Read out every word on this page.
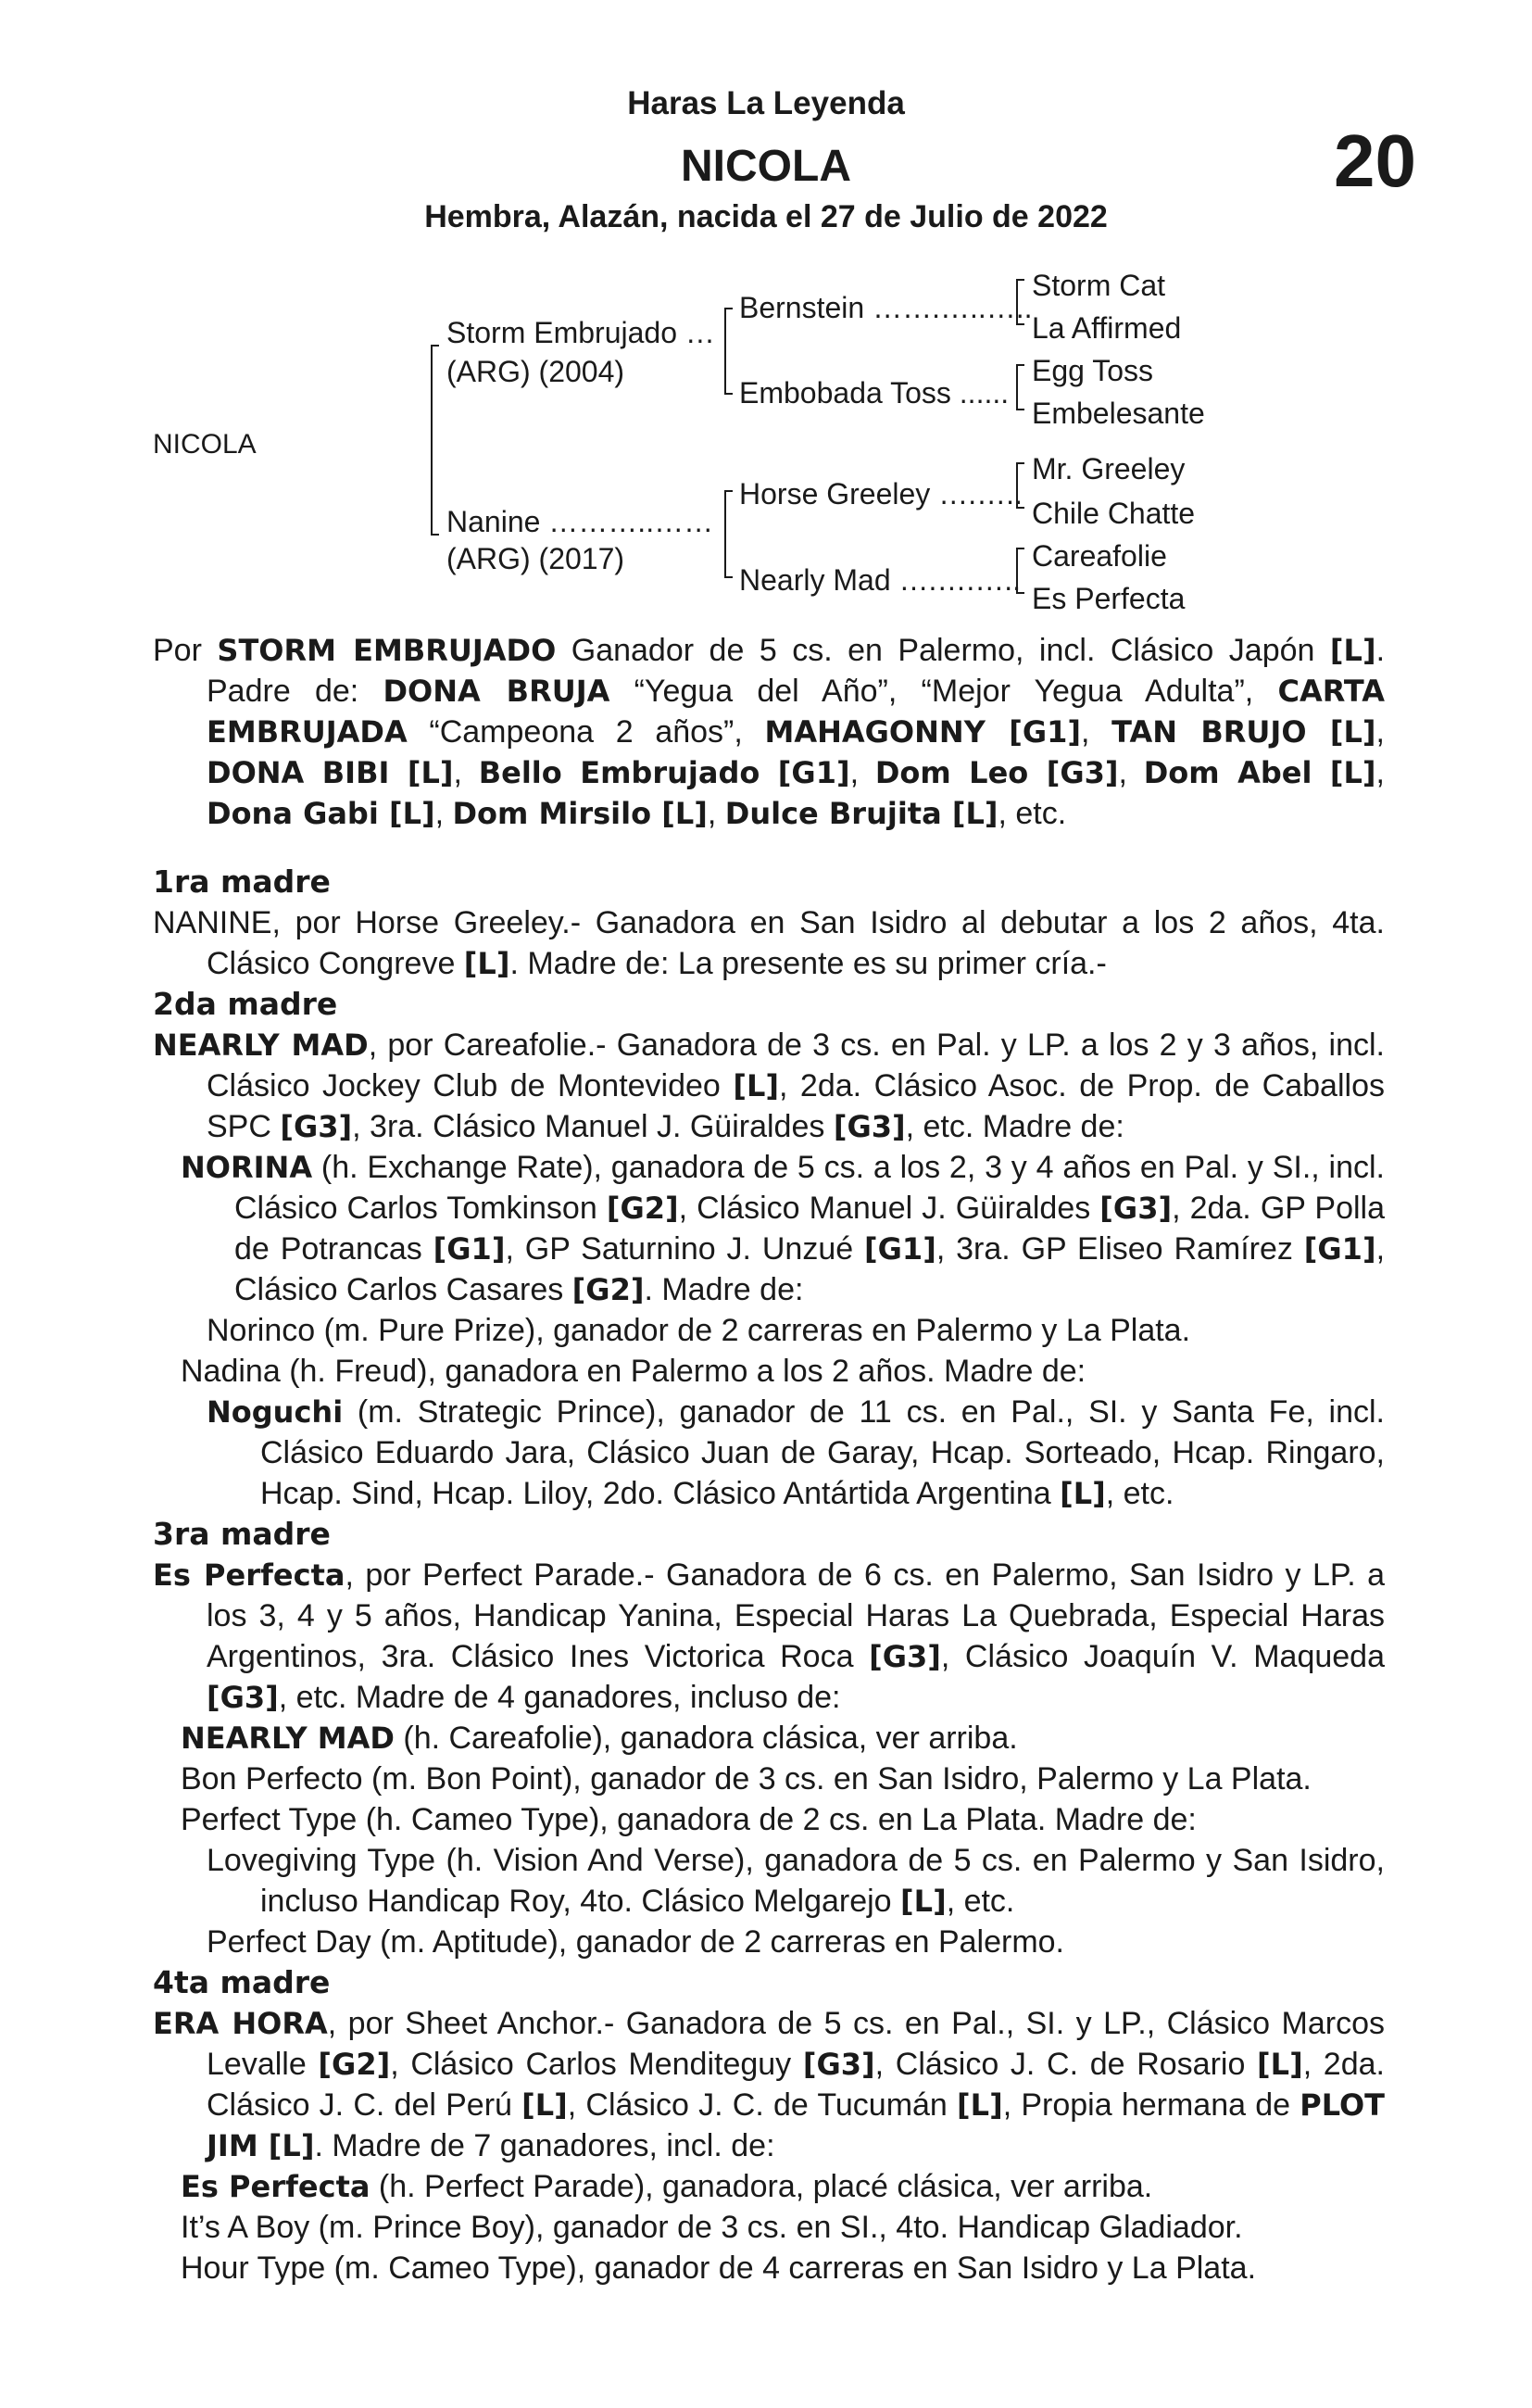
Haras La Leyenda
NICOLA
Hembra, Alazán, nacida el 27 de Julio de 2022
20
NICOLA
Storm Embrujado …
(ARG) (2004)
Nanine ………..……
(ARG) (2017)
Bernstein …….…..…..
Embobada Toss ......
Horse Greeley ….…..
Nearly Mad ….….…..
Storm Cat
La Affirmed
Egg Toss
Embelesante
Mr. Greeley
Chile Chatte
Careafolie
Es Perfecta

Por STORM EMBRUJADO Ganador de 5 cs. en Palermo, incl. Clásico Japón [L]. Padre de: DONA BRUJA “Yegua del Año”, “Mejor Yegua Adulta”, CARTA EMBRUJADA “Campeona 2 años”, MAHAGONNY [G1], TAN BRUJO [L], DONA BIBI [L], Bello Embrujado [G1], Dom Leo [G3], Dom Abel [L], Dona Gabi [L], Dom Mirsilo [L], Dulce Brujita [L], etc.

1ra madre

NANINE, por Horse Greeley.- Ganadora en San Isidro al debutar a los 2 años, 4ta. Clásico Congreve [L]. Madre de: La presente es su primer cría.-

2da madre

NEARLY MAD, por Careafolie.- Ganadora de 3 cs. en Pal. y LP. a los 2 y 3 años, incl. Clásico Jockey Club de Montevideo [L], 2da. Clásico Asoc. de Prop. de Caballos SPC [G3], 3ra. Clásico Manuel J. Güiraldes [G3], etc. Madre de:

NORINA (h. Exchange Rate), ganadora de 5 cs. a los 2, 3 y 4 años en Pal. y SI., incl. Clásico Carlos Tomkinson [G2], Clásico Manuel J. Güiraldes [G3], 2da. GP Polla de Potrancas [G1], GP Saturnino J. Unzué [G1], 3ra. GP Eliseo Ramírez [G1], Clásico Carlos Casares [G2]. Madre de:

Norinco (m. Pure Prize), ganador de 2 carreras en Palermo y La Plata.

Nadina (h. Freud), ganadora en Palermo a los 2 años. Madre de:

Noguchi (m. Strategic Prince), ganador de 11 cs. en Pal., SI. y Santa Fe, incl. Clásico Eduardo Jara, Clásico Juan de Garay, Hcap. Sorteado, Hcap. Ringaro, Hcap. Sind, Hcap. Liloy, 2do. Clásico Antártida Argentina [L], etc.

3ra madre

Es Perfecta, por Perfect Parade.- Ganadora de 6 cs. en Palermo, San Isidro y LP. a los 3, 4 y 5 años, Handicap Yanina, Especial Haras La Quebrada, Especial Haras Argentinos, 3ra. Clásico Ines Victorica Roca [G3], Clásico Joaquín V. Maqueda [G3], etc. Madre de 4 ganadores, incluso de:

NEARLY MAD (h. Careafolie), ganadora clásica, ver arriba.

Bon Perfecto (m. Bon Point), ganador de 3 cs. en San Isidro, Palermo y La Plata.

Perfect Type (h. Cameo Type), ganadora de 2 cs. en La Plata. Madre de:

Lovegiving Type (h. Vision And Verse), ganadora de 5 cs. en Palermo y San Isidro, incluso Handicap Roy, 4to. Clásico Melgarejo [L], etc.

Perfect Day (m. Aptitude), ganador de 2 carreras en Palermo.

4ta madre

ERA HORA, por Sheet Anchor.- Ganadora de 5 cs. en Pal., SI. y LP., Clásico Marcos Levalle [G2], Clásico Carlos Menditeguy [G3], Clásico J. C. de Rosario [L], 2da. Clásico J. C. del Perú [L], Clásico J. C. de Tucumán [L], Propia hermana de PLOT JIM [L]. Madre de 7 ganadores, incl. de:

Es Perfecta (h. Perfect Parade), ganadora, placé clásica, ver arriba.

It’s A Boy (m. Prince Boy), ganador de 3 cs. en SI., 4to. Handicap Gladiador.

Hour Type (m. Cameo Type), ganador de 4 carreras en San Isidro y La Plata.
